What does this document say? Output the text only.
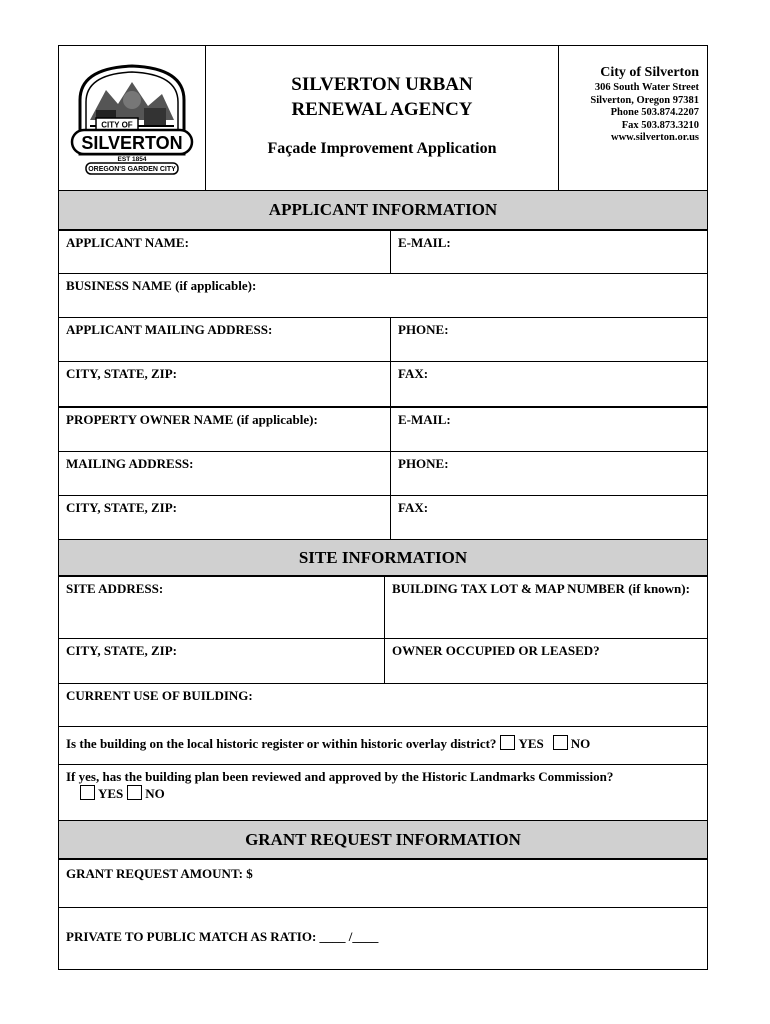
CITY OF
SILVERTON
EST 1854
OREGON'S GARDEN CITY
SILVERTON URBAN
RENEWAL AGENCY
Façade Improvement Application
City of Silverton
306 South Water Street
Silverton, Oregon 97381
Phone 503.874.2207
Fax 503.873.3210
www.silverton.or.us
APPLICANT INFORMATION
APPLICANT NAME:	E-MAIL:
BUSINESS NAME (if applicable):
APPLICANT MAILING ADDRESS:	PHONE:
CITY, STATE, ZIP:	FAX:
PROPERTY OWNER NAME (if applicable):	E-MAIL:
MAILING ADDRESS:	PHONE:
CITY, STATE, ZIP:	FAX:
SITE INFORMATION
SITE ADDRESS:	BUILDING TAX LOT & MAP NUMBER (if known):
CITY, STATE, ZIP:	OWNER OCCUPIED OR LEASED?
CURRENT USE OF BUILDING:
Is the building on the local historic register or within historic overlay district? YES NO
If yes, has the building plan been reviewed and approved by the Historic Landmarks Commission?
YES NO
GRANT REQUEST INFORMATION
GRANT REQUEST AMOUNT: $
PRIVATE TO PUBLIC MATCH AS RATIO: ____ /____
